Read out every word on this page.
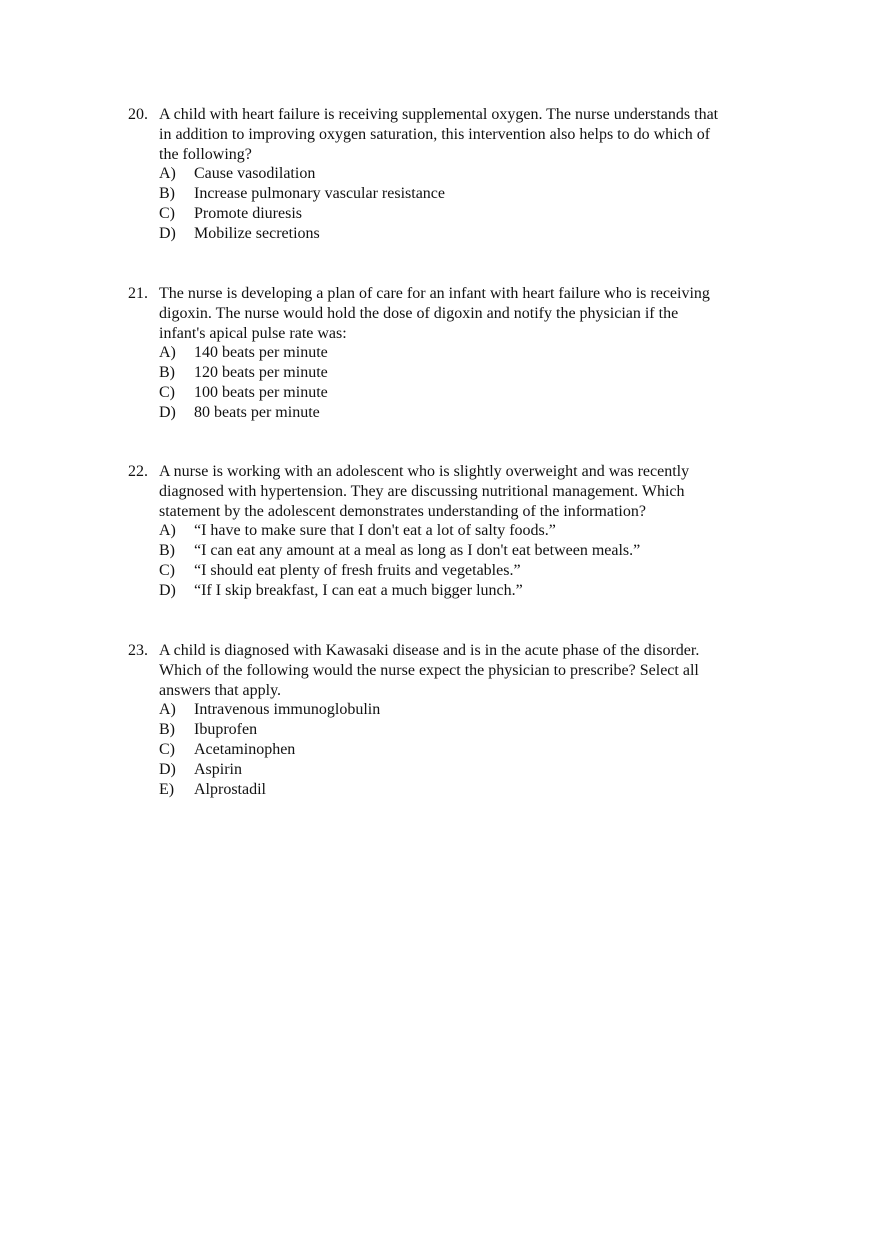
20. A child with heart failure is receiving supplemental oxygen. The nurse understands that
in addition to improving oxygen saturation, this intervention also helps to do which of
the following?
A)	Cause vasodilation
B)	Increase pulmonary vascular resistance
C)	Promote diuresis
D)	Mobilize secretions
21. The nurse is developing a plan of care for an infant with heart failure who is receiving
digoxin. The nurse would hold the dose of digoxin and notify the physician if the
infant's apical pulse rate was:
A)	140 beats per minute
B)	120 beats per minute
C)	100 beats per minute
D)	80 beats per minute
22. A nurse is working with an adolescent who is slightly overweight and was recently
diagnosed with hypertension. They are discussing nutritional management. Which
statement by the adolescent demonstrates understanding of the information?
A)	“I have to make sure that I don't eat a lot of salty foods.”
B)	“I can eat any amount at a meal as long as I don't eat between meals.”
C)	“I should eat plenty of fresh fruits and vegetables.”
D)	“If I skip breakfast, I can eat a much bigger lunch.”
23. A child is diagnosed with Kawasaki disease and is in the acute phase of the disorder.
Which of the following would the nurse expect the physician to prescribe? Select all
answers that apply.
A)	Intravenous immunoglobulin
B)	Ibuprofen
C)	Acetaminophen
D)	Aspirin
E)	Alprostadil
